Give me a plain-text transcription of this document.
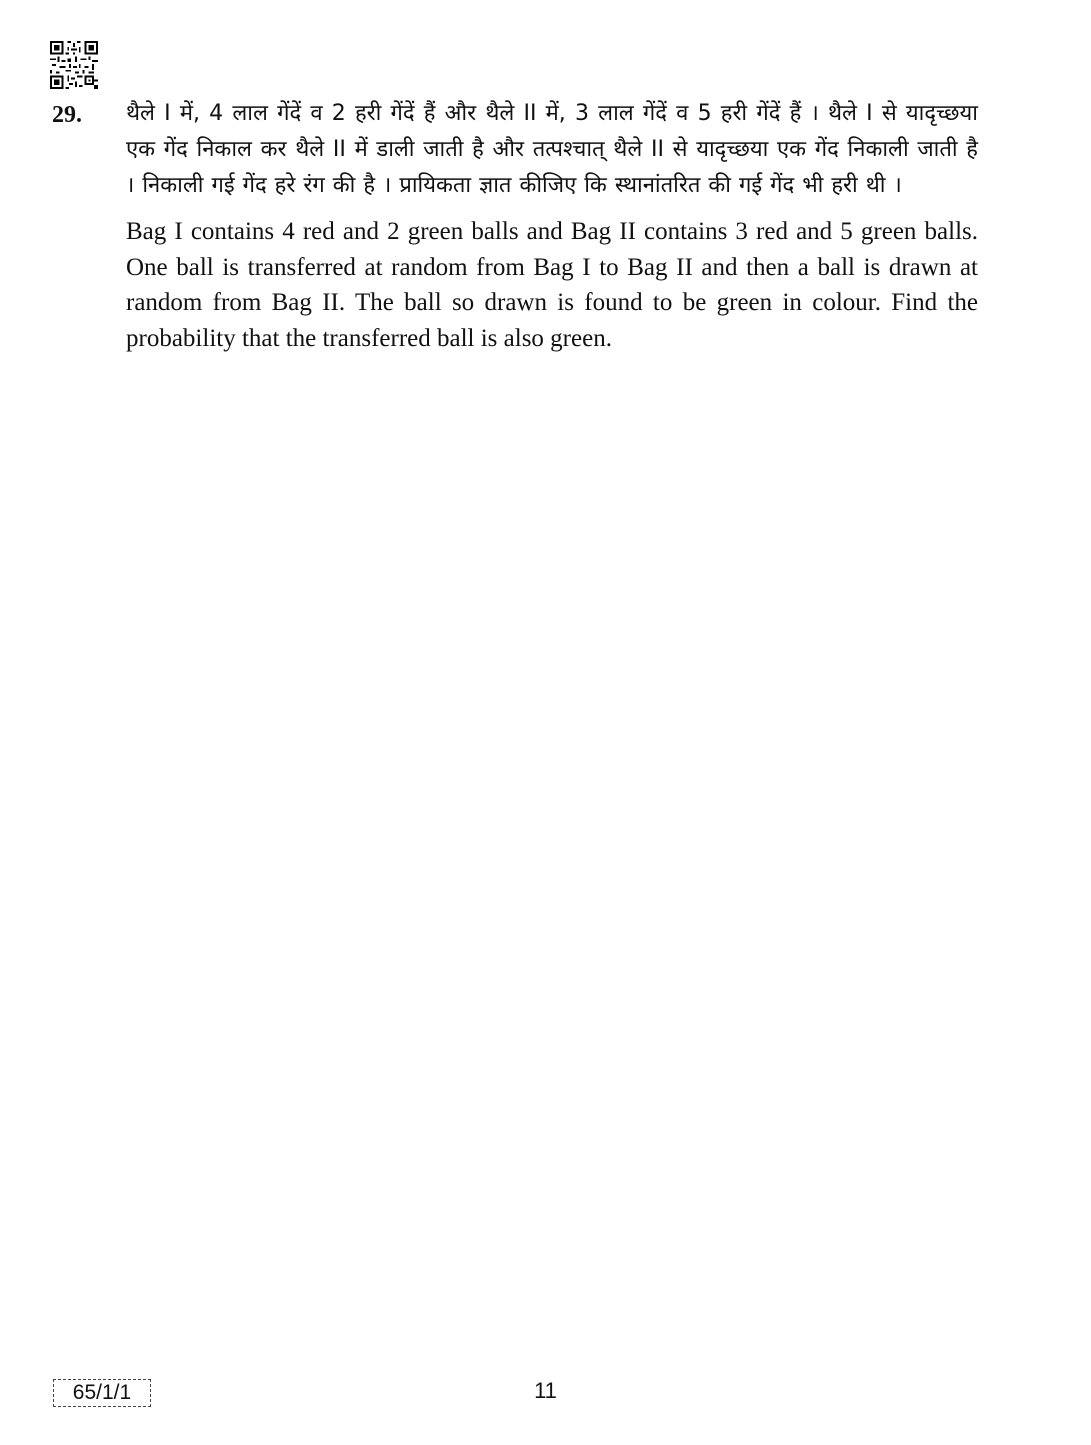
29. थैले I में, 4 लाल गेंदें व 2 हरी गेंदें हैं और थैले II में, 3 लाल गेंदें व 5 हरी गेंदें हैं । थैले I से यादृच्छया एक गेंद निकाल कर थैले II में डाली जाती है और तत्पश्चात् थैले II से यादृच्छया एक गेंद निकाली जाती है । निकाली गई गेंद हरे रंग की है । प्रायिकता ज्ञात कीजिए कि स्थानांतरित की गई गेंद भी हरी थी ।

Bag I contains 4 red and 2 green balls and Bag II contains 3 red and 5 green balls. One ball is transferred at random from Bag I to Bag II and then a ball is drawn at random from Bag II. The ball so drawn is found to be green in colour. Find the probability that the transferred ball is also green.

65/1/1	11
